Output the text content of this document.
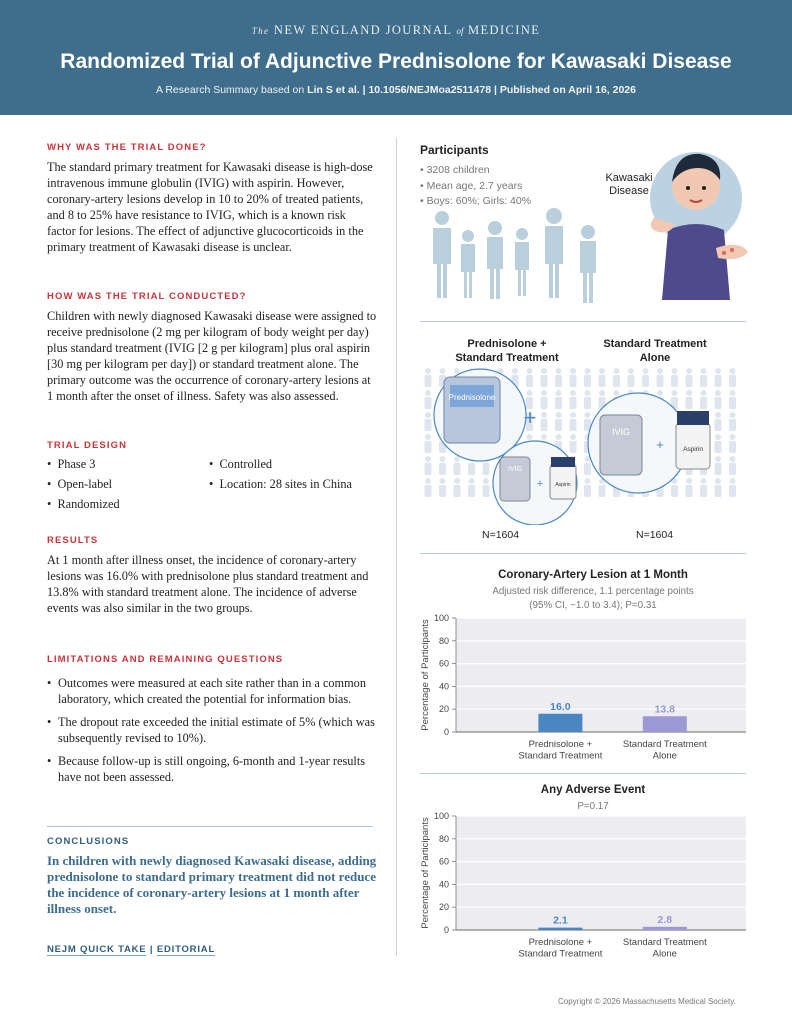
The NEW ENGLAND JOURNAL of MEDICINE
Randomized Trial of Adjunctive Prednisolone for Kawasaki Disease
A Research Summary based on Lin S et al. | 10.1056/NEJMoa2511478 | Published on April 16, 2026
WHY WAS THE TRIAL DONE?
The standard primary treatment for Kawasaki disease is high-dose intravenous immune globulin (IVIG) with aspirin. However, coronary-artery lesions develop in 10 to 20% of treated patients, and 8 to 25% have resistance to IVIG, which is a known risk factor for lesions. The effect of adjunctive glucocorticoids in the primary treatment of Kawasaki disease is unclear.
HOW WAS THE TRIAL CONDUCTED?
Children with newly diagnosed Kawasaki disease were assigned to receive prednisolone (2 mg per kilogram of body weight per day) plus standard treatment (IVIG [2 g per kilogram] plus oral aspirin [30 mg per kilogram per day]) or standard treatment alone. The primary outcome was the occurrence of coronary-artery lesions at 1 month after the onset of illness. Safety was also assessed.
TRIAL DESIGN
•  Phase 3	•  Controlled
•  Open-label	•  Location: 28 sites in China
•  Randomized
RESULTS
At 1 month after illness onset, the incidence of coronary-artery lesions was 16.0% with prednisolone plus standard treatment and 13.8% with standard treatment alone. The incidence of adverse events was also similar in the two groups.
LIMITATIONS AND REMAINING QUESTIONS
• Outcomes were measured at each site rather than in a common laboratory, which created the potential for information bias.
• The dropout rate exceeded the initial estimate of 5% (which was subsequently revised to 10%).
• Because follow-up is still ongoing, 6-month and 1-year results have not been assessed.
CONCLUSIONS
In children with newly diagnosed Kawasaki disease, adding prednisolone to standard primary treatment did not reduce the incidence of coronary-artery lesions at 1 month after illness onset.
NEJM QUICK TAKE | EDITORIAL
Participants
• 3208 children
• Mean age, 2.7 years
• Boys: 60%; Girls: 40%
Kawasaki
Disease
Prednisolone +
Standard Treatment
Standard Treatment
Alone
Prednisolone
+
IVIG
+ Aspirin
IVIG
+	Aspirin
N=1604	N=1604
Coronary-Artery Lesion at 1 Month
Adjusted risk difference, 1.1 percentage points
(95% CI, −1.0 to 3.4); P=0.31
0
20
40
60
80
100
Percentage of Participants	16.0
Prednisolone +
Standard Treatment
13.8
Standard Treatment
Alone
Any Adverse Event
P=0.17
0
20
40
60
80
100
Percentage of Participants	2.1
Prednisolone +
Standard Treatment
2.8
Standard Treatment
Alone
Copyright © 2026 Massachusetts Medical Society.
